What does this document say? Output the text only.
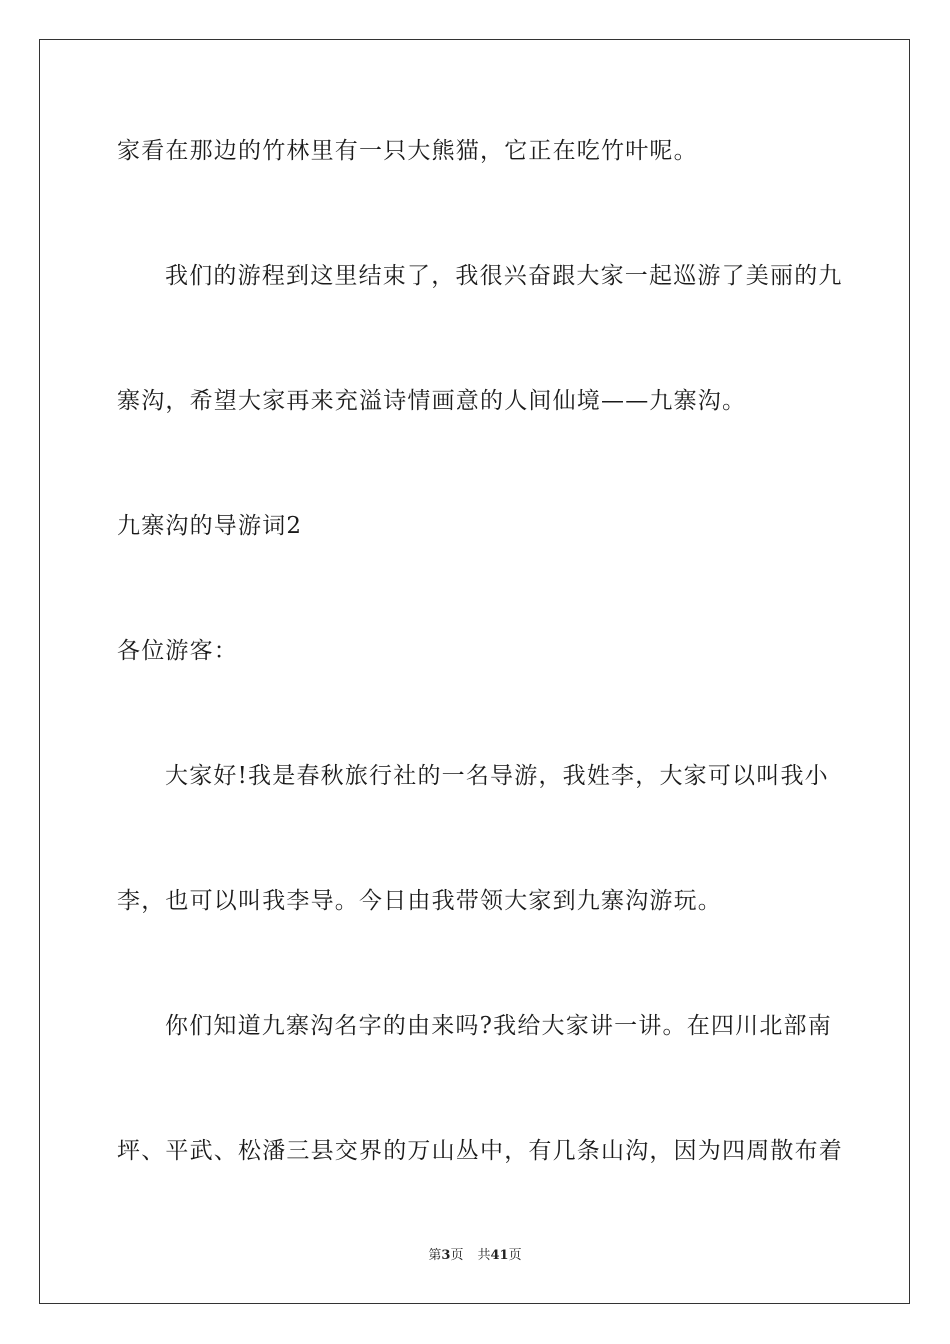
家看在那边的竹林里有一只大熊猫，它正在吃竹叶呢。
我们的游程到这里结束了，我很兴奋跟大家一起巡游了美丽的九
寨沟，希望大家再来充溢诗情画意的人间仙境——九寨沟。
九寨沟的导游词2
各位游客：
大家好!我是春秋旅行社的一名导游，我姓李，大家可以叫我小
李，也可以叫我李导。今日由我带领大家到九寨沟游玩。
你们知道九寨沟名字的由来吗?我给大家讲一讲。在四川北部南
坪、平武、松潘三县交界的万山丛中，有几条山沟，因为四周散布着
第3页 共41页
